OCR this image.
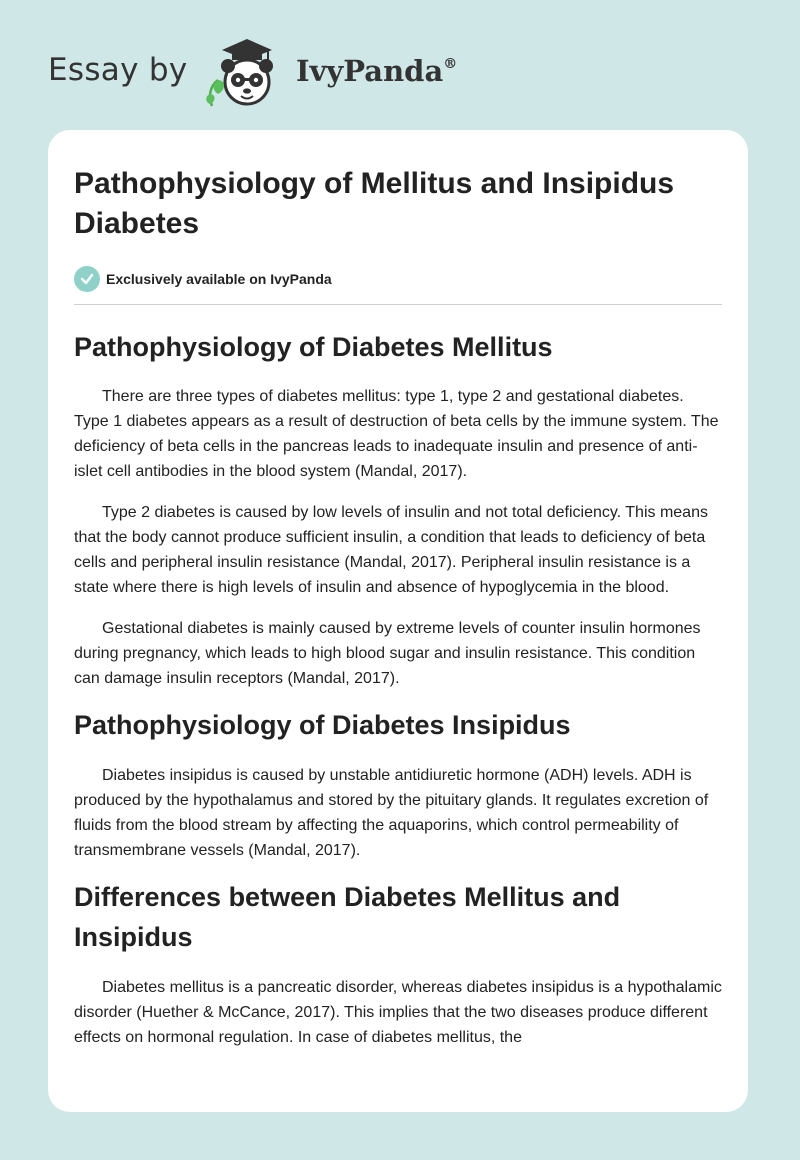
Essay by	IvyPanda®
Pathophysiology of Mellitus and Insipidus Diabetes
Exclusively available on IvyPanda
Pathophysiology of Diabetes Mellitus

There are three types of diabetes mellitus: type 1, type 2 and gestational diabetes. Type 1 diabetes appears as a result of destruction of beta cells by the immune system. The deficiency of beta cells in the pancreas leads to inadequate insulin and presence of anti-islet cell antibodies in the blood system (Mandal, 2017).

Type 2 diabetes is caused by low levels of insulin and not total deficiency. This means that the body cannot produce sufficient insulin, a condition that leads to deficiency of beta cells and peripheral insulin resistance (Mandal, 2017). Peripheral insulin resistance is a state where there is high levels of insulin and absence of hypoglycemia in the blood.

Gestational diabetes is mainly caused by extreme levels of counter insulin hormones during pregnancy, which leads to high blood sugar and insulin resistance. This condition can damage insulin receptors (Mandal, 2017).

Pathophysiology of Diabetes Insipidus

Diabetes insipidus is caused by unstable antidiuretic hormone (ADH) levels. ADH is produced by the hypothalamus and stored by the pituitary glands. It regulates excretion of fluids from the blood stream by affecting the aquaporins, which control permeability of transmembrane vessels (Mandal, 2017).

Differences between Diabetes Mellitus and Insipidus

Diabetes mellitus is a pancreatic disorder, whereas diabetes insipidus is a hypothalamic disorder (Huether & McCance, 2017). This implies that the two diseases produce different effects on hormonal regulation. In case of diabetes mellitus, the
